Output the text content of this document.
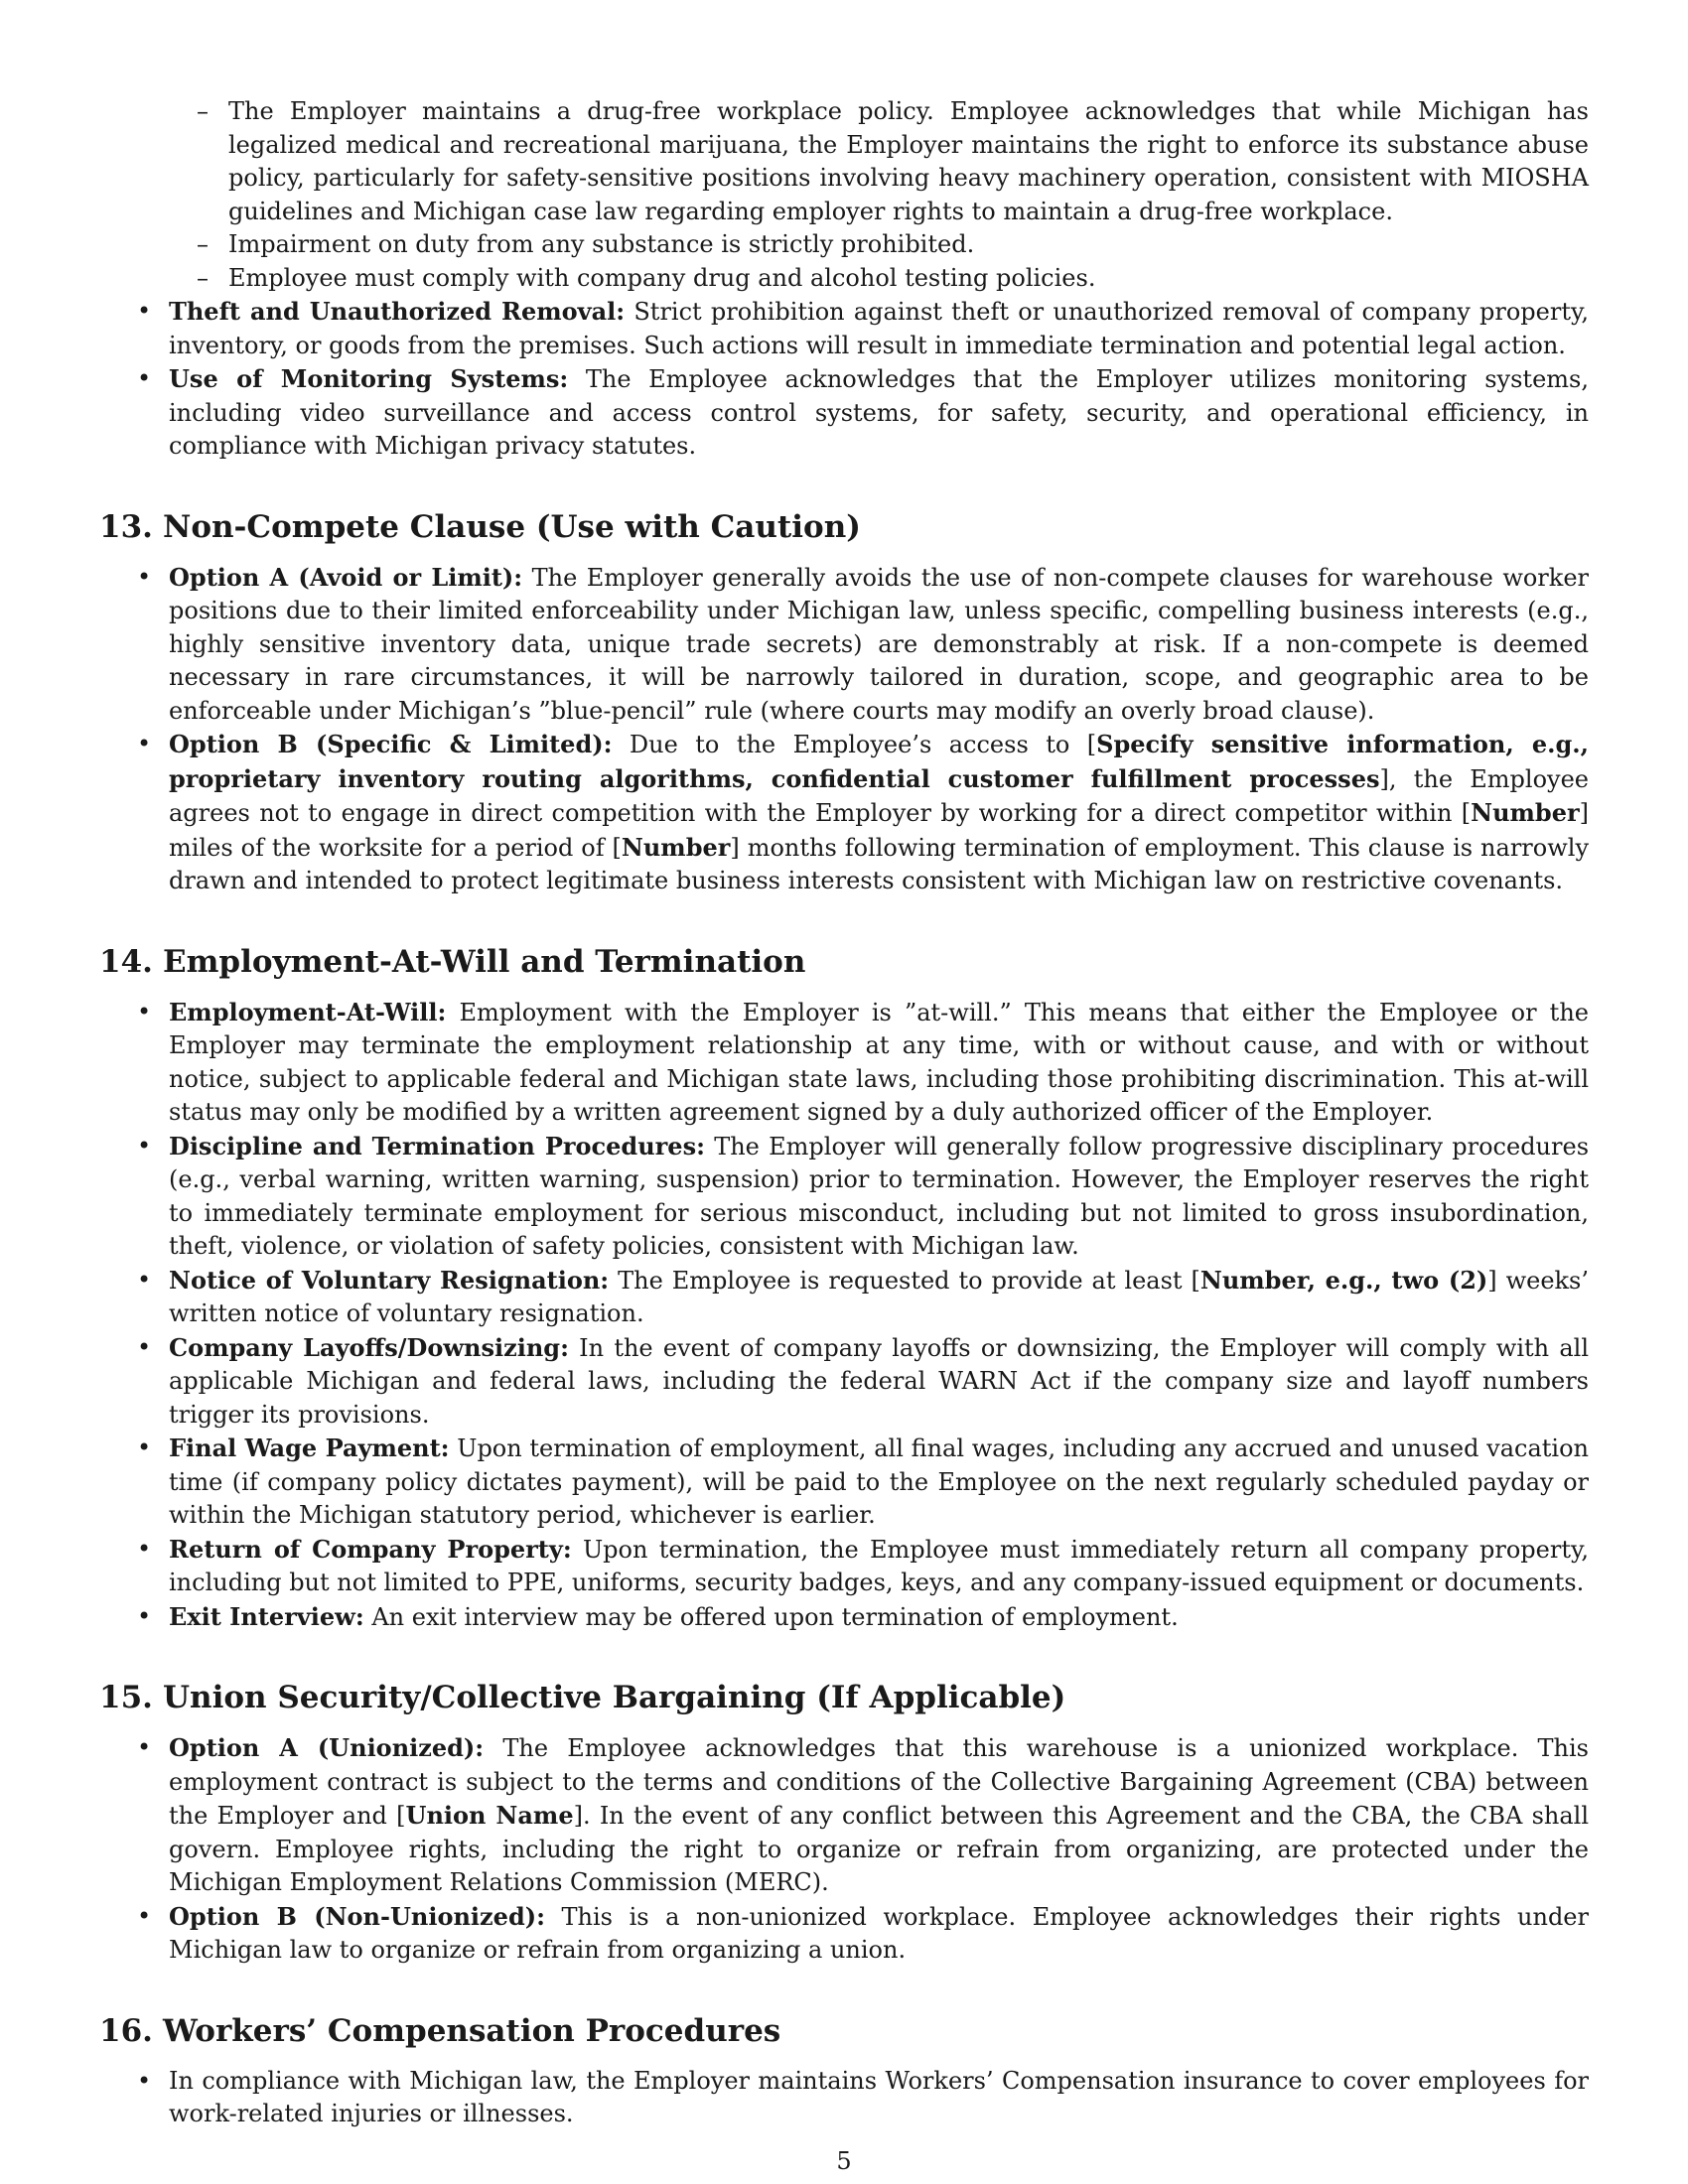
– The Employer maintains a drug-free workplace policy. Employee acknowledges that while Michigan has legalized medical and recreational marijuana, the Employer maintains the right to enforce its substance abuse policy, particularly for safety-sensitive positions involving heavy machinery operation, consistent with MIOSHA guidelines and Michigan case law regarding employer rights to maintain a drug-free workplace.
– Impairment on duty from any substance is strictly prohibited.
– Employee must comply with company drug and alcohol testing policies.
• Theft and Unauthorized Removal: Strict prohibition against theft or unauthorized removal of company property, inventory, or goods from the premises. Such actions will result in immediate termination and potential legal action.
• Use of Monitoring Systems: The Employee acknowledges that the Employer utilizes monitoring systems, including video surveillance and access control systems, for safety, security, and operational efficiency, in compliance with Michigan privacy statutes.
13. Non-Compete Clause (Use with Caution)
• Option A (Avoid or Limit): The Employer generally avoids the use of non-compete clauses for warehouse worker positions due to their limited enforceability under Michigan law, unless specific, compelling business interests (e.g., highly sensitive inventory data, unique trade secrets) are demonstrably at risk. If a non-compete is deemed necessary in rare circumstances, it will be narrowly tailored in duration, scope, and geographic area to be enforceable under Michigan’s ”blue-pencil” rule (where courts may modify an overly broad clause).
• Option B (Specific & Limited): Due to the Employee’s access to [Specify sensitive information, e.g., proprietary inventory routing algorithms, confidential customer fulfillment processes], the Employee agrees not to engage in direct competition with the Employer by working for a direct competitor within [Number] miles of the worksite for a period of [Number] months following termination of employment. This clause is narrowly drawn and intended to protect legitimate business interests consistent with Michigan law on restrictive covenants.
14. Employment-At-Will and Termination
• Employment-At-Will: Employment with the Employer is ”at-will.” This means that either the Employee or the Employer may terminate the employment relationship at any time, with or without cause, and with or without notice, subject to applicable federal and Michigan state laws, including those prohibiting discrimination. This at-will status may only be modified by a written agreement signed by a duly authorized officer of the Employer.
• Discipline and Termination Procedures: The Employer will generally follow progressive disciplinary procedures (e.g., verbal warning, written warning, suspension) prior to termination. However, the Employer reserves the right to immediately terminate employment for serious misconduct, including but not limited to gross insubordination, theft, violence, or violation of safety policies, consistent with Michigan law.
• Notice of Voluntary Resignation: The Employee is requested to provide at least [Number, e.g., two (2)] weeks’ written notice of voluntary resignation.
• Company Layoffs/Downsizing: In the event of company layoffs or downsizing, the Employer will comply with all applicable Michigan and federal laws, including the federal WARN Act if the company size and layoff numbers trigger its provisions.
• Final Wage Payment: Upon termination of employment, all final wages, including any accrued and unused vacation time (if company policy dictates payment), will be paid to the Employee on the next regularly scheduled payday or within the Michigan statutory period, whichever is earlier.
• Return of Company Property: Upon termination, the Employee must immediately return all company property, including but not limited to PPE, uniforms, security badges, keys, and any company-issued equipment or documents.
• Exit Interview: An exit interview may be offered upon termination of employment.
15. Union Security/Collective Bargaining (If Applicable)
• Option A (Unionized): The Employee acknowledges that this warehouse is a unionized workplace. This employment contract is subject to the terms and conditions of the Collective Bargaining Agreement (CBA) between the Employer and [Union Name]. In the event of any conflict between this Agreement and the CBA, the CBA shall govern. Employee rights, including the right to organize or refrain from organizing, are protected under the Michigan Employment Relations Commission (MERC).
• Option B (Non-Unionized): This is a non-unionized workplace. Employee acknowledges their rights under Michigan law to organize or refrain from organizing a union.
16. Workers’ Compensation Procedures
• In compliance with Michigan law, the Employer maintains Workers’ Compensation insurance to cover employees for work-related injuries or illnesses.
5
